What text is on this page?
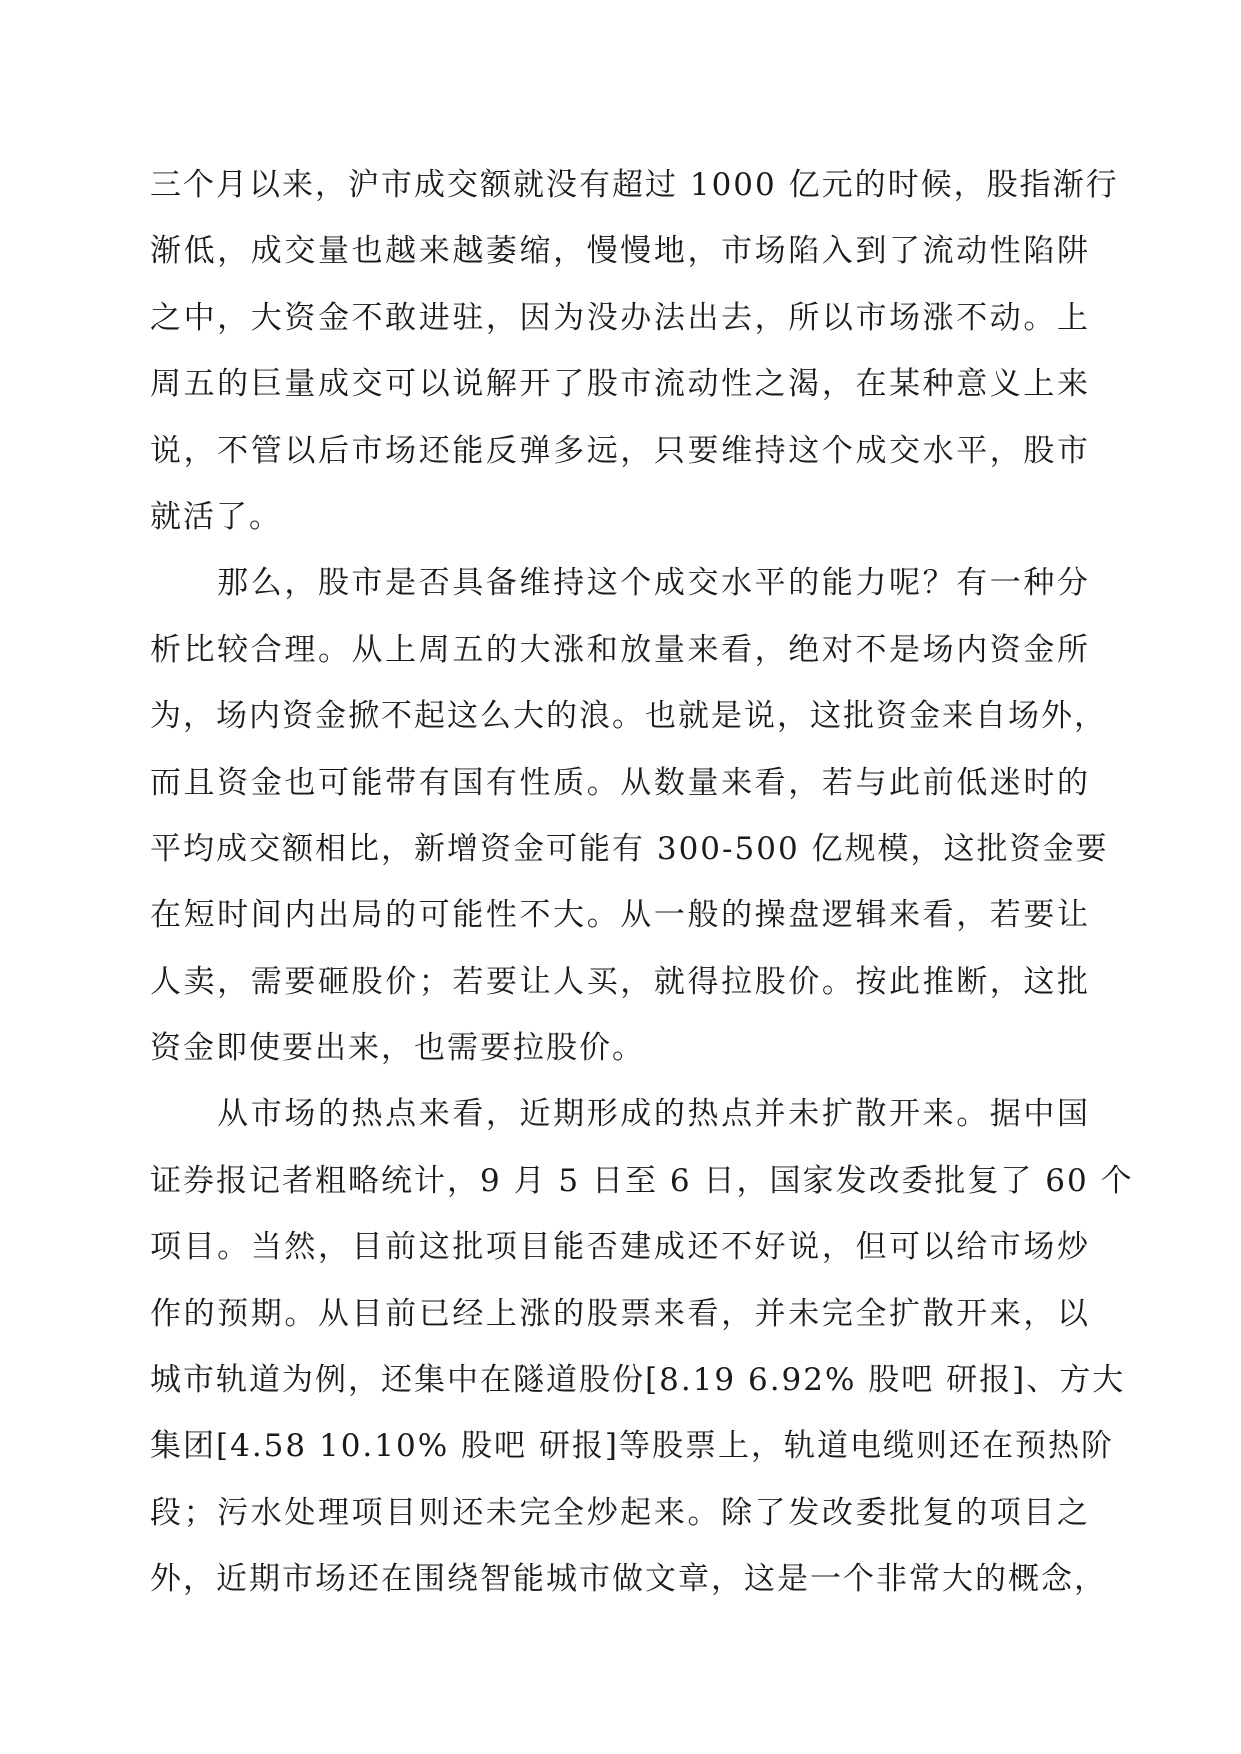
三个月以来，沪市成交额就没有超过 1000 亿元的时候，股指渐行
渐低，成交量也越来越萎缩，慢慢地，市场陷入到了流动性陷阱
之中，大资金不敢进驻，因为没办法出去，所以市场涨不动。上
周五的巨量成交可以说解开了股市流动性之渴，在某种意义上来
说，不管以后市场还能反弹多远，只要维持这个成交水平，股市
就活了。
　　那么，股市是否具备维持这个成交水平的能力呢？有一种分
析比较合理。从上周五的大涨和放量来看，绝对不是场内资金所
为，场内资金掀不起这么大的浪。也就是说，这批资金来自场外，
而且资金也可能带有国有性质。从数量来看，若与此前低迷时的
平均成交额相比，新增资金可能有 300-500 亿规模，这批资金要
在短时间内出局的可能性不大。从一般的操盘逻辑来看，若要让
人卖，需要砸股价；若要让人买，就得拉股价。按此推断，这批
资金即使要出来，也需要拉股价。
　　从市场的热点来看，近期形成的热点并未扩散开来。据中国
证券报记者粗略统计，9 月 5 日至 6 日，国家发改委批复了 60 个
项目。当然，目前这批项目能否建成还不好说，但可以给市场炒
作的预期。从目前已经上涨的股票来看，并未完全扩散开来，以
城市轨道为例，还集中在隧道股份[8.19 6.92% 股吧 研报]、方大
集团[4.58 10.10% 股吧 研报]等股票上，轨道电缆则还在预热阶
段；污水处理项目则还未完全炒起来。除了发改委批复的项目之
外，近期市场还在围绕智能城市做文章，这是一个非常大的概念，
